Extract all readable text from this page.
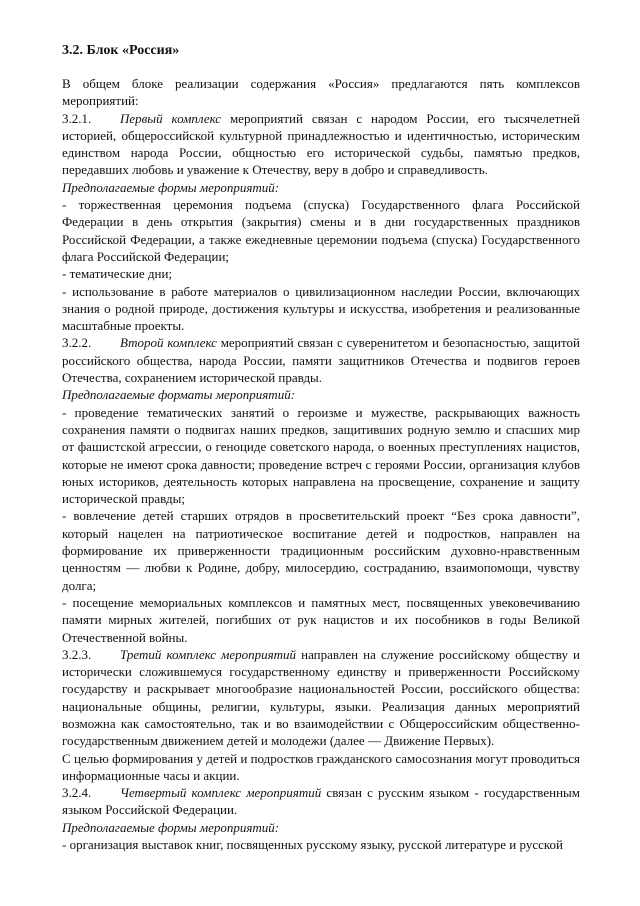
3.2. Блок «Россия»

В общем блоке реализации содержания «Россия» предлагаются пять комплексов мероприятий:

3.2.1. Первый комплекс мероприятий связан с народом России, его тысячелетней историей, общероссийской культурной принадлежностью и идентичностью, историческим единством народа России, общностью его исторической судьбы, памятью предков, передавших любовь и уважение к Отечеству, веру в добро и справедливость.

Предполагаемые формы мероприятий:

- торжественная церемония подъема (спуска) Государственного флага Российской Федерации в день открытия (закрытия) смены и в дни государственных праздников Российской Федерации, а также ежедневные церемонии подъема (спуска) Государственного флага Российской Федерации;

- тематические дни;

- использование в работе материалов о цивилизационном наследии России, включающих знания о родной природе, достижения культуры и искусства, изобретения и реализованные масштабные проекты.

3.2.2. Второй комплекс мероприятий связан с суверенитетом и безопасностью, защитой российского общества, народа России, памяти защитников Отечества и подвигов героев Отечества, сохранением исторической правды.

Предполагаемые форматы мероприятий:

- проведение тематических занятий о героизме и мужестве, раскрывающих важность сохранения памяти о подвигах наших предков, защитивших родную землю и спасших мир от фашистской агрессии, о геноциде советского народа, о военных преступлениях нацистов, которые не имеют срока давности; проведение встреч с героями России, организация клубов юных историков, деятельность которых направлена на просвещение, сохранение и защиту исторической правды;

- вовлечение детей старших отрядов в просветительский проект “Без срока давности”, который нацелен на патриотическое воспитание детей и подростков, направлен на формирование их приверженности традиционным российским духовно-нравственным ценностям — любви к Родине, добру, милосердию, состраданию, взаимопомощи, чувству долга;

- посещение мемориальных комплексов и памятных мест, посвященных увековечиванию памяти мирных жителей, погибших от рук нацистов и их пособников в годы Великой Отечественной войны.

3.2.3. Третий комплекс мероприятий направлен на служение российскому обществу и исторически сложившемуся государственному единству и приверженности Российскому государству и раскрывает многообразие национальностей России, российского общества: национальные общины, религии, культуры, языки. Реализация данных мероприятий возможна как самостоятельно, так и во взаимодействии с Общероссийским общественно-государственным движением детей и молодежи (далее — Движение Первых).

С целью формирования у детей и подростков гражданского самосознания могут проводиться информационные часы и акции.

3.2.4. Четвертый комплекс мероприятий связан с русским языком - государственным языком Российской Федерации.

Предполагаемые формы мероприятий:

- организация выставок книг, посвященных русскому языку, русской литературе и русской
